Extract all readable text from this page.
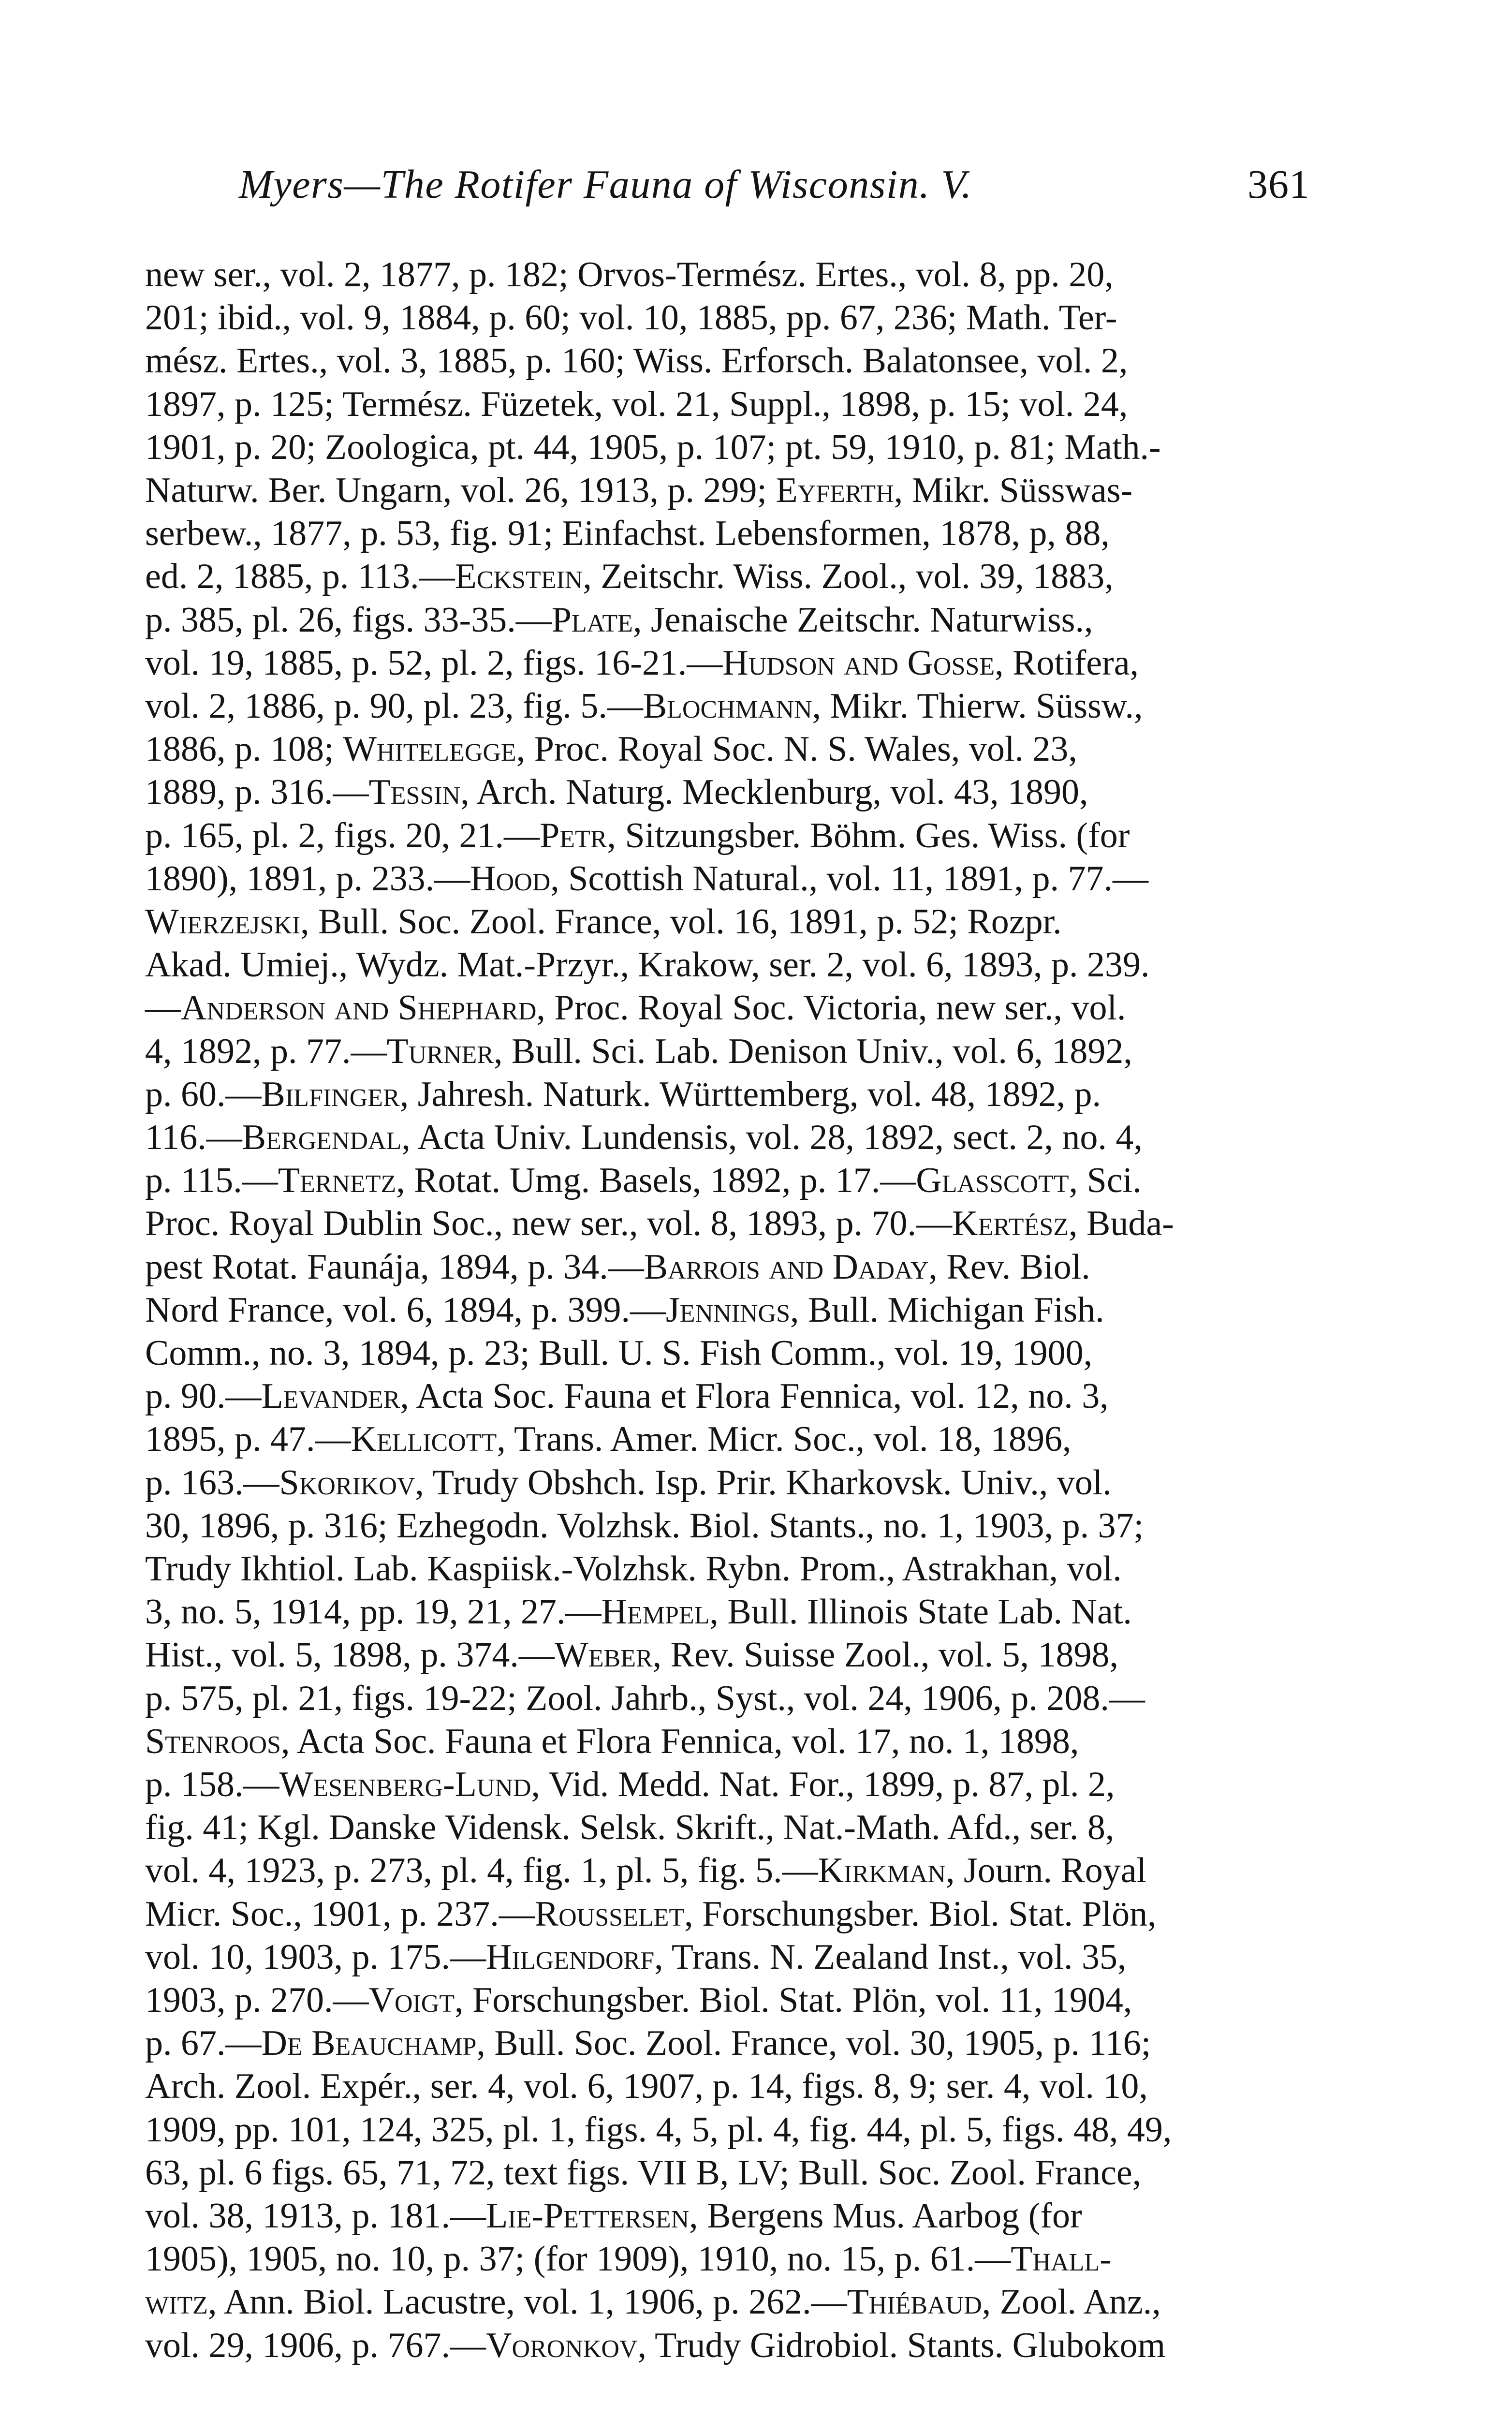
Myers—The Rotifer Fauna of Wisconsin. V.	361
new ser., vol. 2, 1877, p. 182; Orvos-Termész. Ertes., vol. 8, pp. 20,
201; ibid., vol. 9, 1884, p. 60; vol. 10, 1885, pp. 67, 236; Math. Ter-
mész. Ertes., vol. 3, 1885, p. 160; Wiss. Erforsch. Balatonsee, vol. 2,
1897, p. 125; Termész. Füzetek, vol. 21, Suppl., 1898, p. 15; vol. 24,
1901, p. 20; Zoologica, pt. 44, 1905, p. 107; pt. 59, 1910, p. 81; Math.-
Naturw. Ber. Ungarn, vol. 26, 1913, p. 299; Eyferth, Mikr. Süsswas-
serbew., 1877, p. 53, fig. 91; Einfachst. Lebensformen, 1878, p, 88,
ed. 2, 1885, p. 113.—Eckstein, Zeitschr. Wiss. Zool., vol. 39, 1883,
p. 385, pl. 26, figs. 33-35.—Plate, Jenaische Zeitschr. Naturwiss.,
vol. 19, 1885, p. 52, pl. 2, figs. 16-21.—Hudson and Gosse, Rotifera,
vol. 2, 1886, p. 90, pl. 23, fig. 5.—Blochmann, Mikr. Thierw. Süssw.,
1886, p. 108; Whitelegge, Proc. Royal Soc. N. S. Wales, vol. 23,
1889, p. 316.—Tessin, Arch. Naturg. Mecklenburg, vol. 43, 1890,
p. 165, pl. 2, figs. 20, 21.—Petr, Sitzungsber. Böhm. Ges. Wiss. (for
1890), 1891, p. 233.—Hood, Scottish Natural., vol. 11, 1891, p. 77.—
Wierzejski, Bull. Soc. Zool. France, vol. 16, 1891, p. 52; Rozpr.
Akad. Umiej., Wydz. Mat.-Przyr., Krakow, ser. 2, vol. 6, 1893, p. 239.
—Anderson and Shephard, Proc. Royal Soc. Victoria, new ser., vol.
4, 1892, p. 77.—Turner, Bull. Sci. Lab. Denison Univ., vol. 6, 1892,
p. 60.—Bilfinger, Jahresh. Naturk. Württemberg, vol. 48, 1892, p.
116.—Bergendal, Acta Univ. Lundensis, vol. 28, 1892, sect. 2, no. 4,
p. 115.—Ternetz, Rotat. Umg. Basels, 1892, p. 17.—Glasscott, Sci.
Proc. Royal Dublin Soc., new ser., vol. 8, 1893, p. 70.—Kertész, Buda-
pest Rotat. Faunája, 1894, p. 34.—Barrois and Daday, Rev. Biol.
Nord France, vol. 6, 1894, p. 399.—Jennings, Bull. Michigan Fish.
Comm., no. 3, 1894, p. 23; Bull. U. S. Fish Comm., vol. 19, 1900,
p. 90.—Levander, Acta Soc. Fauna et Flora Fennica, vol. 12, no. 3,
1895, p. 47.—Kellicott, Trans. Amer. Micr. Soc., vol. 18, 1896,
p. 163.—Skorikov, Trudy Obshch. Isp. Prir. Kharkovsk. Univ., vol.
30, 1896, p. 316; Ezhegodn. Volzhsk. Biol. Stants., no. 1, 1903, p. 37;
Trudy Ikhtiol. Lab. Kaspiisk.-Volzhsk. Rybn. Prom., Astrakhan, vol.
3, no. 5, 1914, pp. 19, 21, 27.—Hempel, Bull. Illinois State Lab. Nat.
Hist., vol. 5, 1898, p. 374.—Weber, Rev. Suisse Zool., vol. 5, 1898,
p. 575, pl. 21, figs. 19-22; Zool. Jahrb., Syst., vol. 24, 1906, p. 208.—
Stenroos, Acta Soc. Fauna et Flora Fennica, vol. 17, no. 1, 1898,
p. 158.—Wesenberg-Lund, Vid. Medd. Nat. For., 1899, p. 87, pl. 2,
fig. 41; Kgl. Danske Vidensk. Selsk. Skrift., Nat.-Math. Afd., ser. 8,
vol. 4, 1923, p. 273, pl. 4, fig. 1, pl. 5, fig. 5.—Kirkman, Journ. Royal
Micr. Soc., 1901, p. 237.—Rousselet, Forschungsber. Biol. Stat. Plön,
vol. 10, 1903, p. 175.—Hilgendorf, Trans. N. Zealand Inst., vol. 35,
1903, p. 270.—Voigt, Forschungsber. Biol. Stat. Plön, vol. 11, 1904,
p. 67.—De Beauchamp, Bull. Soc. Zool. France, vol. 30, 1905, p. 116;
Arch. Zool. Expér., ser. 4, vol. 6, 1907, p. 14, figs. 8, 9; ser. 4, vol. 10,
1909, pp. 101, 124, 325, pl. 1, figs. 4, 5, pl. 4, fig. 44, pl. 5, figs. 48, 49,
63, pl. 6 figs. 65, 71, 72, text figs. VII B, LV; Bull. Soc. Zool. France,
vol. 38, 1913, p. 181.—Lie-Pettersen, Bergens Mus. Aarbog (for
1905), 1905, no. 10, p. 37; (for 1909), 1910, no. 15, p. 61.—Thall-
witz, Ann. Biol. Lacustre, vol. 1, 1906, p. 262.—Thiébaud, Zool. Anz.,
vol. 29, 1906, p. 767.—Voronkov, Trudy Gidrobiol. Stants. Glubokom
